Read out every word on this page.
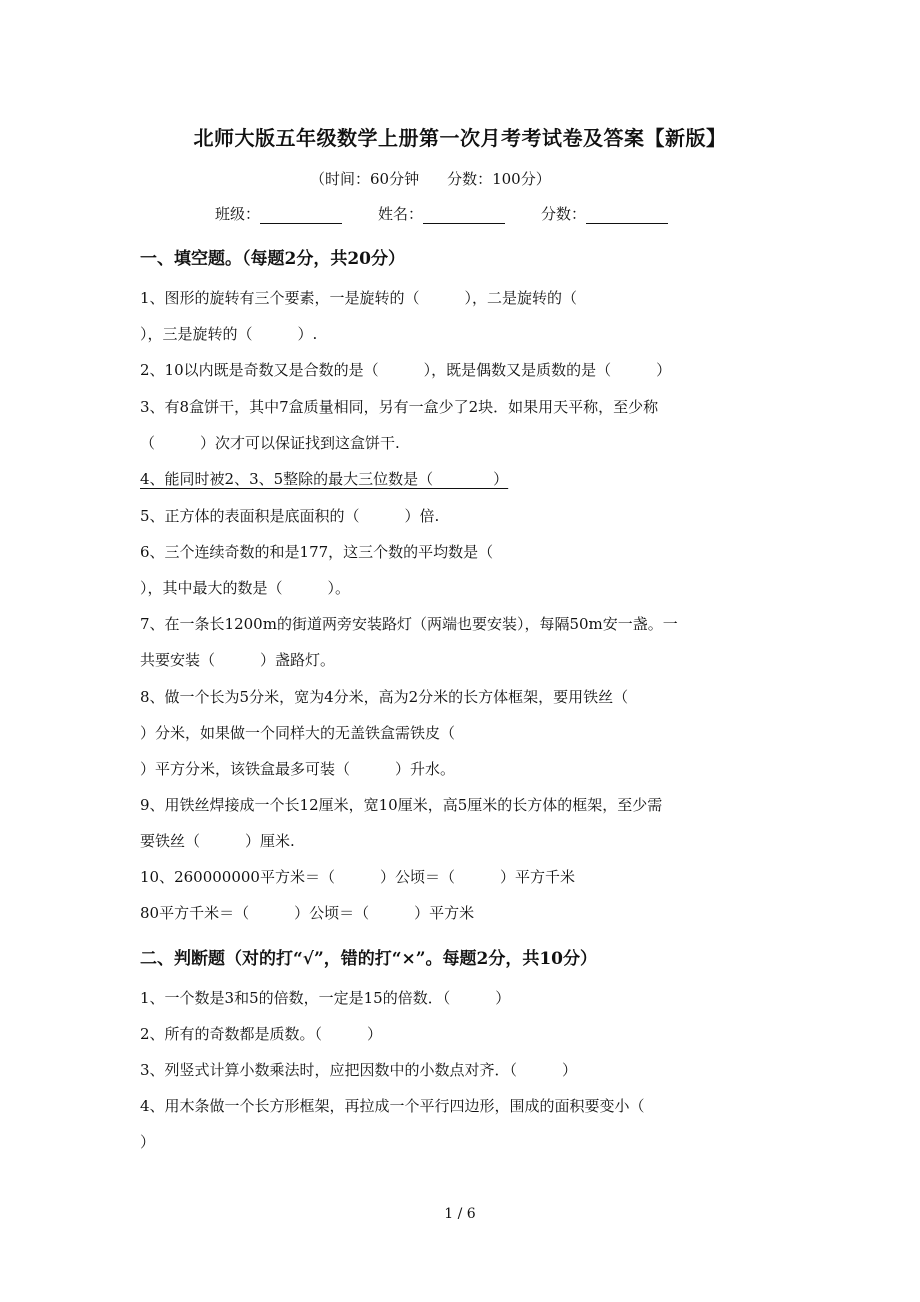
北师大版五年级数学上册第一次月考考试卷及答案【新版】
（时间：60分钟 分数：100分）
班级：	姓名：	分数：
一、填空题。（每题2分，共20分）
1、图形的旋转有三个要素，一是旋转的（　　　），二是旋转的（
），三是旋转的（　　　）.
2、10以内既是奇数又是合数的是（　　　），既是偶数又是质数的是（　　　）
3、有8盒饼干，其中7盒质量相同，另有一盒少了2块．如果用天平称，至少称
（　　　）次才可以保证找到这盒饼干.
4、能同时被2、3、5整除的最大三位数是（　　　　）
5、正方体的表面积是底面积的（　　　）倍.
6、三个连续奇数的和是177，这三个数的平均数是（
），其中最大的数是（　　　）。
7、在一条长1200m的街道两旁安装路灯（两端也要安装），每隔50m安一盏。一
共要安装（　　　）盏路灯。
8、做一个长为5分米，宽为4分米，高为2分米的长方体框架，要用铁丝（
）分米，如果做一个同样大的无盖铁盒需铁皮（
）平方分米，该铁盒最多可装（　　　）升水。
9、用铁丝焊接成一个长12厘米，宽10厘米，高5厘米的长方体的框架，至少需
要铁丝（　　　）厘米.
10、260000000平方米＝（　　　）公顷＝（　　　）平方千米
80平方千米＝（　　　）公顷＝（　　　）平方米
二、判断题（对的打“√”，错的打“×”。每题2分，共10分）
1、一个数是3和5的倍数，一定是15的倍数．（　　　）
2、所有的奇数都是质数。（　　　）
3、列竖式计算小数乘法时，应把因数中的小数点对齐．（　　　）
4、用木条做一个长方形框架，再拉成一个平行四边形，围成的面积要变小（
）
1 / 6
